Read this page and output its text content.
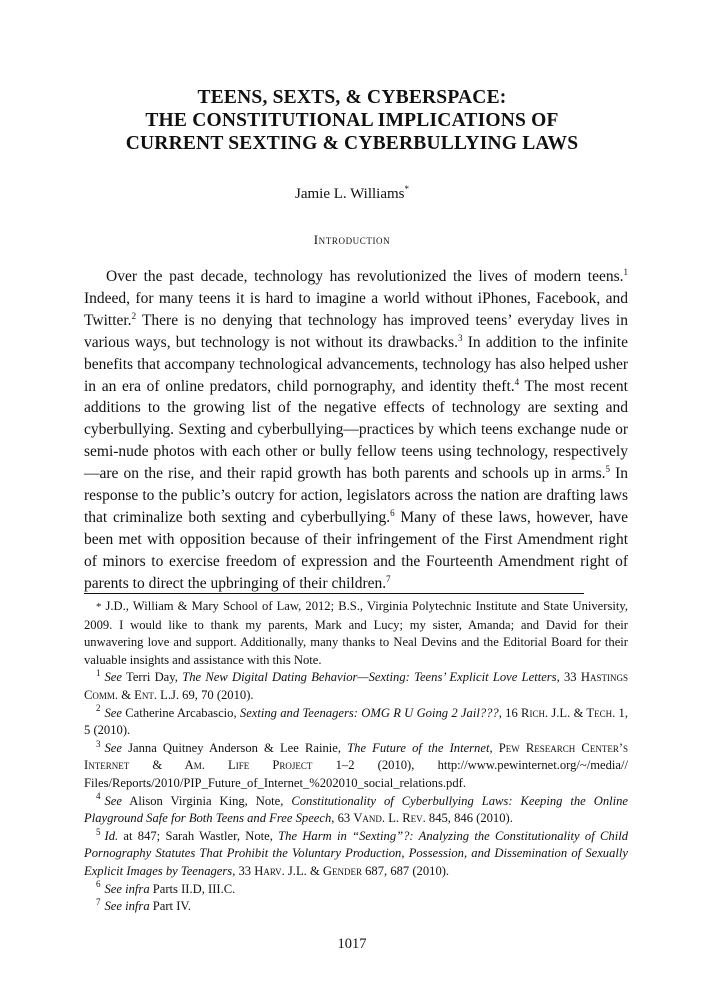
TEENS, SEXTS, & CYBERSPACE:
THE CONSTITUTIONAL IMPLICATIONS OF
CURRENT SEXTING & CYBERBULLYING LAWS
Jamie L. Williams*
Introduction

Over the past decade, technology has revolutionized the lives of modern teens.$^1$ Indeed, for many teens it is hard to imagine a world without iPhones, Facebook, and Twitter.$^2$ There is no denying that technology has improved teens’ everyday lives in various ways, but technology is not without its drawbacks.$^3$ In addition to the infinite benefits that accompany technological advancements, technology has also helped usher in an era of online predators, child pornography, and identity theft.$^4$ The most recent additions to the growing list of the negative effects of technology are sexting and cyberbullying. Sexting and cyberbullying—practices by which teens exchange nude or semi-nude photos with each other or bully fellow teens using technology, respectively—are on the rise, and their rapid growth has both parents and schools up in arms.$^5$ In response to the public’s outcry for action, legislators across the nation are drafting laws that criminalize both sexting and cyberbullying.$^6$ Many of these laws, however, have been met with opposition because of their infringement of the First Amendment right of minors to exercise freedom of expression and the Fourteenth Amendment right of parents to direct the upbringing of their children.$^7$

* J.D., William & Mary School of Law, 2012; B.S., Virginia Polytechnic Institute and State University, 2009. I would like to thank my parents, Mark and Lucy; my sister, Amanda; and David for their unwavering love and support. Additionally, many thanks to Neal Devins and the Editorial Board for their valuable insights and assistance with this Note.

$^1$ See Terri Day, The New Digital Dating Behavior—Sexting: Teens’ Explicit Love Letters, 33 Hastings Comm. & Ent. L.J. 69, 70 (2010).

$^2$ See Catherine Arcabascio, Sexting and Teenagers: OMG R U Going 2 Jail???, 16 Rich. J.L. & Tech. 1, 5 (2010).

$^3$ See Janna Quitney Anderson & Lee Rainie, The Future of the Internet, Pew Research Center’s Internet & Am. Life Project 1–2 (2010), http://www.pewinternet.org/~/media// Files/Reports/2010/PIP_Future_of_Internet_%202010_social_relations.pdf.

$^4$ See Alison Virginia King, Note, Constitutionality of Cyberbullying Laws: Keeping the Online Playground Safe for Both Teens and Free Speech, 63 Vand. L. Rev. 845, 846 (2010).

$^5$ Id. at 847; Sarah Wastler, Note, The Harm in “Sexting”?: Analyzing the Constitutionality of Child Pornography Statutes That Prohibit the Voluntary Production, Possession, and Dissemination of Sexually Explicit Images by Teenagers, 33 Harv. J.L. & Gender 687, 687 (2010).

$^6$ See infra Parts II.D, III.C.

$^7$ See infra Part IV.

1017
